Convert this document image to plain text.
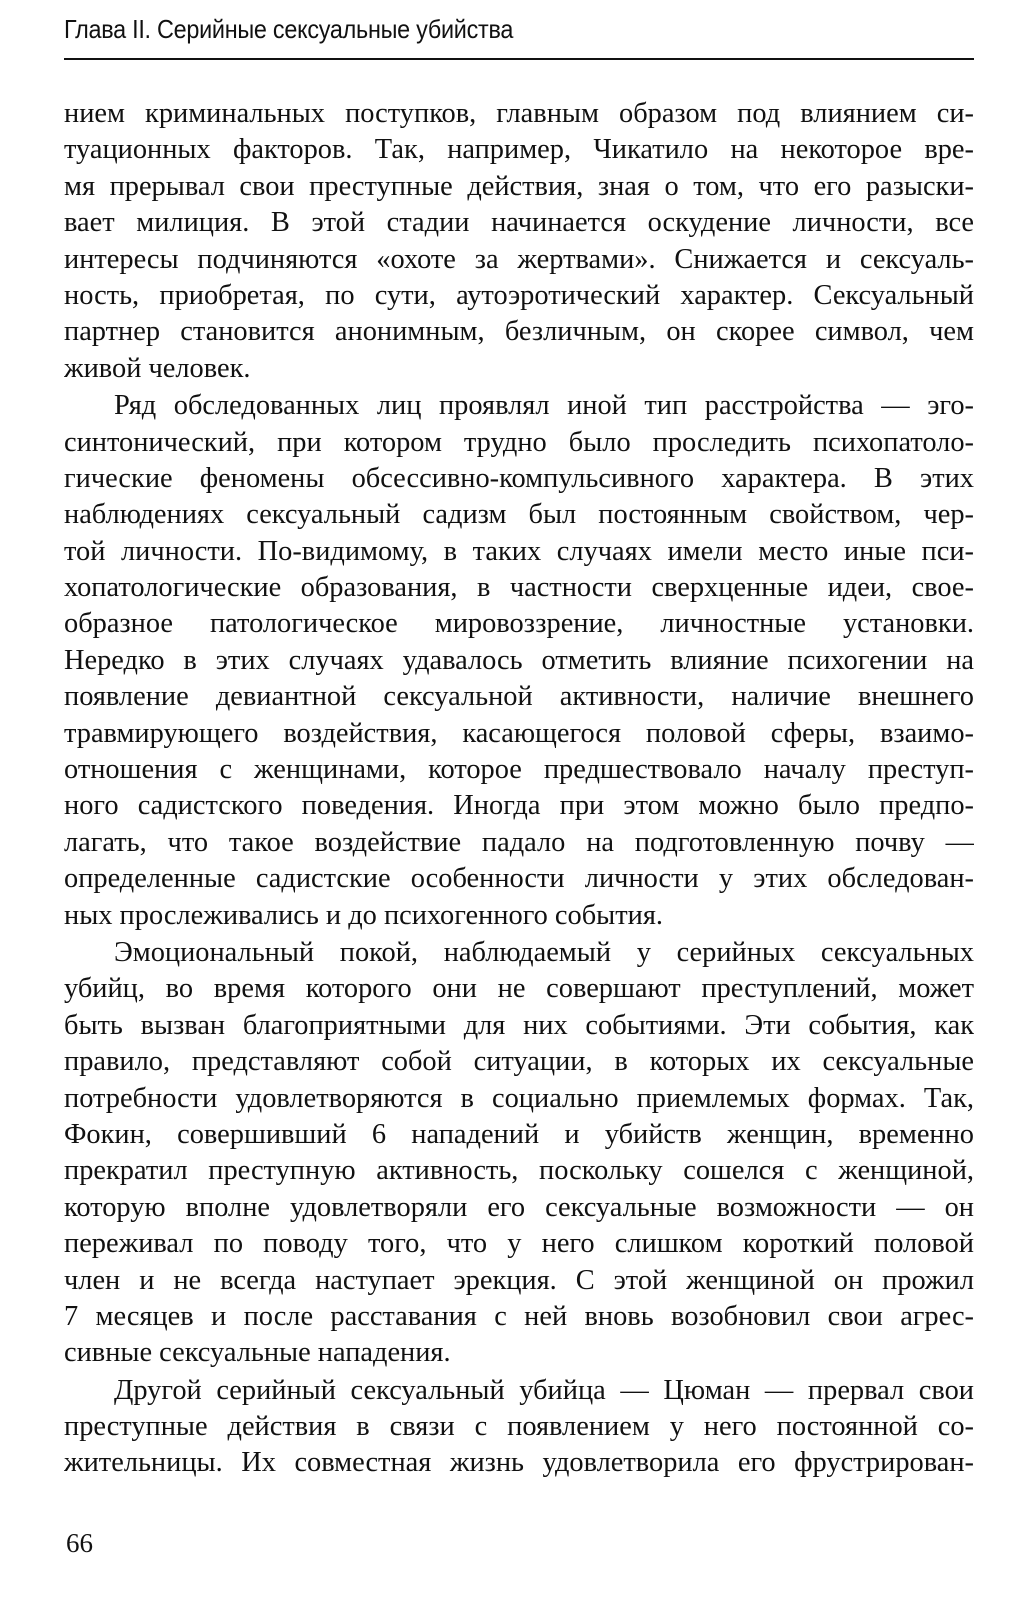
Глава II. Серийные сексуальные убийства
нием криминальных поступков, главным образом под влиянием си-
туационных факторов. Так, например, Чикатило на некоторое вре-
мя прерывал свои преступные действия, зная о том, что его разыски-
вает милиция. В этой стадии начинается оскудение личности, все
интересы подчиняются «охоте за жертвами». Снижается и сексуаль-
ность, приобретая, по сути, аутоэротический характер. Сексуальный
партнер становится анонимным, безличным, он скорее символ, чем
живой человек.
Ряд обследованных лиц проявлял иной тип расстройства — эго-
синтонический, при котором трудно было проследить психопатоло-
гические феномены обсессивно-компульсивного характера. В этих
наблюдениях сексуальный садизм был постоянным свойством, чер-
той личности. По-видимому, в таких случаях имели место иные пси-
хопатологические образования, в частности сверхценные идеи, свое-
образное патологическое мировоззрение, личностные установки.
Нередко в этих случаях удавалось отметить влияние психогении на
появление девиантной сексуальной активности, наличие внешнего
травмирующего воздействия, касающегося половой сферы, взаимо-
отношения с женщинами, которое предшествовало началу преступ-
ного садистского поведения. Иногда при этом можно было предпо-
лагать, что такое воздействие падало на подготовленную почву —
определенные садистские особенности личности у этих обследован-
ных прослеживались и до психогенного события.
Эмоциональный покой, наблюдаемый у серийных сексуальных
убийц, во время которого они не совершают преступлений, может
быть вызван благоприятными для них событиями. Эти события, как
правило, представляют собой ситуации, в которых их сексуальные
потребности удовлетворяются в социально приемлемых формах. Так,
Фокин, совершивший 6 нападений и убийств женщин, временно
прекратил преступную активность, поскольку сошелся с женщиной,
которую вполне удовлетворяли его сексуальные возможности — он
переживал по поводу того, что у него слишком короткий половой
член и не всегда наступает эрекция. С этой женщиной он прожил
7 месяцев и после расставания с ней вновь возобновил свои агрес-
сивные сексуальные нападения.
Другой серийный сексуальный убийца — Цюман — прервал свои
преступные действия в связи с появлением у него постоянной со-
жительницы. Их совместная жизнь удовлетворила его фрустрирован-
66
